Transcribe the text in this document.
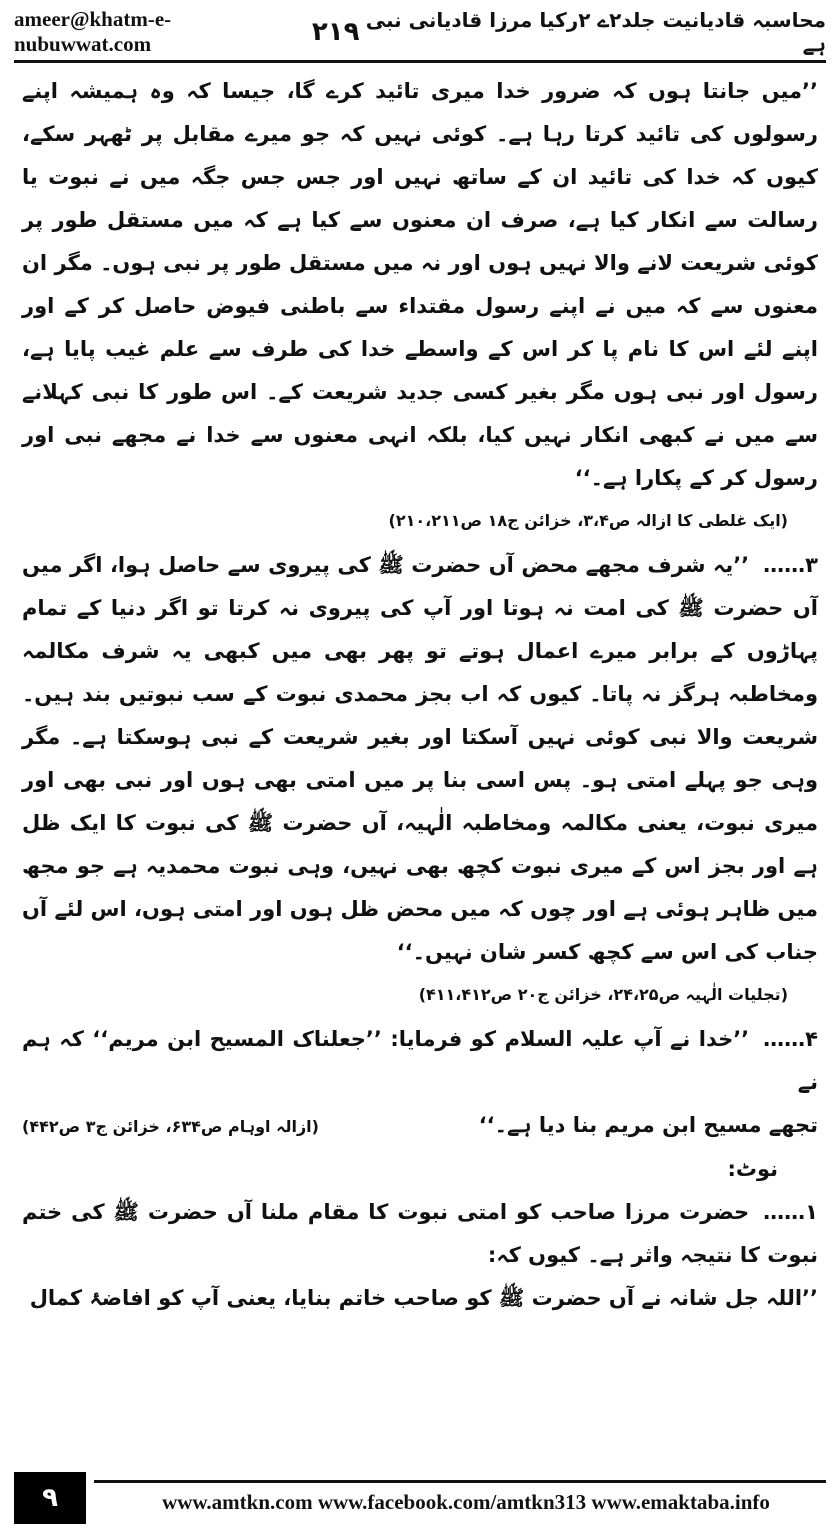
ameer@khatm-e-nubuwwat.com	۲۱۹ محاسبہ قادیانیت جلد۲ے ۲رکیا مرزا قادیانی نبی ہے

’’میں جانتا ہوں کہ ضرور خدا میری تائید کرے گا، جیسا کہ وہ ہمیشہ اپنے رسولوں کی تائید کرتا رہا ہے۔ کوئی نہیں کہ جو میرے مقابل پر ٹھہر سکے، کیوں کہ خدا کی تائید ان کے ساتھ نہیں اور جس جس جگہ میں نے نبوت یا رسالت سے انکار کیا ہے، صرف ان معنوں سے کیا ہے کہ میں مستقل طور پر کوئی شریعت لانے والا نہیں ہوں اور نہ میں مستقل طور پر نبی ہوں۔ مگر ان معنوں سے کہ میں نے اپنے رسول مقتداء سے باطنی فیوض حاصل کر کے اور اپنے لئے اس کا نام پا کر اس کے واسطے خدا کی طرف سے علم غیب پایا ہے، رسول اور نبی ہوں مگر بغیر کسی جدید شریعت کے۔ اس طور کا نبی کہلانے سے میں نے کبھی انکار نہیں کیا، بلکہ انہی معنوں سے خدا نے مجھے نبی اور رسول کر کے پکارا ہے۔‘‘

(ایک غلطی کا ازالہ ص۳،۴، خزائن ج۱۸ ص۲۱۰،۲۱۱)

۳……’’یہ شرف مجھے محض آں حضرت ﷺ کی پیروی سے حاصل ہوا، اگر میں آں حضرت ﷺ کی امت نہ ہوتا اور آپ کی پیروی نہ کرتا تو اگر دنیا کے تمام پہاڑوں کے برابر میرے اعمال ہوتے تو پھر بھی میں کبھی یہ شرف مکالمہ ومخاطبہ ہرگز نہ پاتا۔ کیوں کہ اب بجز محمدی نبوت کے سب نبوتیں بند ہیں۔ شریعت والا نبی کوئی نہیں آسکتا اور بغیر شریعت کے نبی ہوسکتا ہے۔ مگر وہی جو پہلے امتی ہو۔ پس اسی بنا پر میں امتی بھی ہوں اور نبی بھی اور میری نبوت، یعنی مکالمہ ومخاطبہ الٰہیہ، آں حضرت ﷺ کی نبوت کا ایک ظل ہے اور بجز اس کے میری نبوت کچھ بھی نہیں، وہی نبوت محمدیہ ہے جو مجھ میں ظاہر ہوئی ہے اور چوں کہ میں محض ظل ہوں اور امتی ہوں، اس لئے آں جناب کی اس سے کچھ کسر شان نہیں۔‘‘

(تجلیات الٰہیہ ص۲۴،۲۵، خزائن ج۲۰ ص۴۱۱،۴۱۲)

۴……’’خدا نے آپ علیہ السلام کو فرمایا: ’’جعلناک المسیح ابن مریم‘‘ کہ ہم نے

تجھے مسیح ابن مریم بنا دیا ہے۔‘‘
(ازالہ اوہام ص۶۳۴، خزائن ج۳ ص۴۴۲)
نوٹ:

۱……حضرت مرزا صاحب کو امتی نبوت کا مقام ملنا آں حضرت ﷺ کی ختم نبوت کا نتیجہ واثر ہے۔ کیوں کہ:

’’اللہ جل شانہ نے آں حضرت ﷺ کو صاحب خاتم بنایا، یعنی آپ کو افاضۂ کمال

۹	www.amtkn.com www.facebook.com/amtkn313 www.emaktaba.info
